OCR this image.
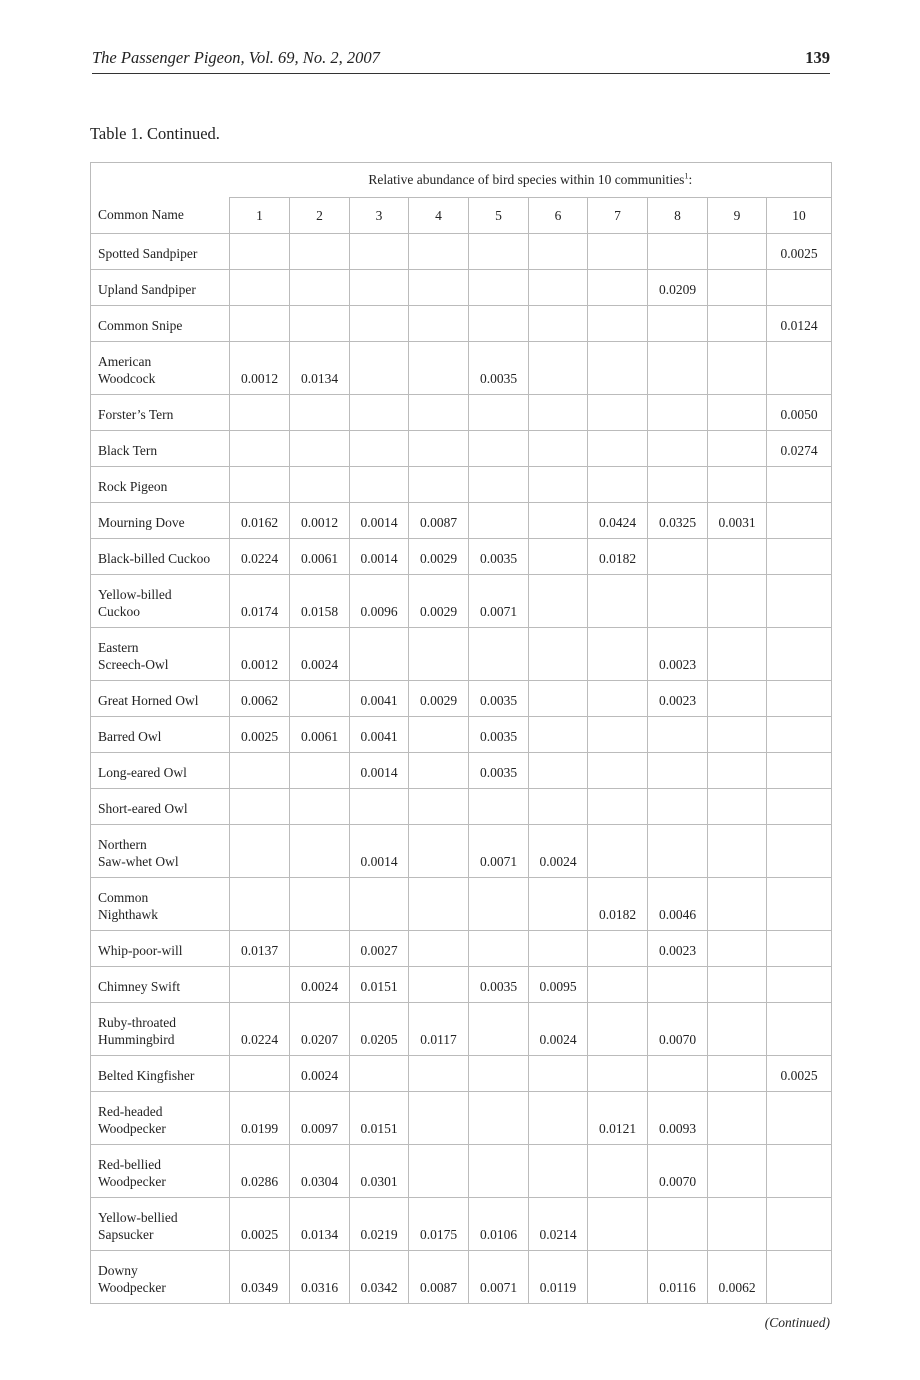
The Passenger Pigeon, Vol. 69, No. 2, 2007	139
Table 1. Continued.
	Relative abundance of bird species within 10 communities$^1$:									
Common Name	1	2	3	4	5	6	7	8	9	10
Spotted Sandpiper										0.0025
Upland Sandpiper								0.0209		
Common Snipe										0.0124

American
Woodcock	0.0012	0.0134			0.0035					
Forster’s Tern										0.0050
Black Tern										0.0274
Rock Pigeon										
Mourning Dove	0.0162	0.0012	0.0014	0.0087			0.0424	0.0325	0.0031	
Black-billed Cuckoo	0.0224	0.0061	0.0014	0.0029	0.0035		0.0182			

Yellow-billed
Cuckoo	0.0174	0.0158	0.0096	0.0029	0.0071					

Eastern
Screech-Owl	0.0012	0.0024						0.0023		
Great Horned Owl	0.0062		0.0041	0.0029	0.0035			0.0023		
Barred Owl	0.0025	0.0061	0.0041		0.0035					
Long-eared Owl			0.0014		0.0035					
Short-eared Owl										

Northern
Saw-whet Owl			0.0014		0.0071	0.0024				

Common
Nighthawk							0.0182	0.0046		
Whip-poor-will	0.0137		0.0027					0.0023		
Chimney Swift		0.0024	0.0151		0.0035	0.0095				

Ruby-throated
Hummingbird	0.0224	0.0207	0.0205	0.0117		0.0024		0.0070		
Belted Kingfisher		0.0024								0.0025

Red-headed
Woodpecker	0.0199	0.0097	0.0151				0.0121	0.0093		

Red-bellied
Woodpecker	0.0286	0.0304	0.0301					0.0070		

Yellow-bellied
Sapsucker	0.0025	0.0134	0.0219	0.0175	0.0106	0.0214				

Downy
Woodpecker	0.0349	0.0316	0.0342	0.0087	0.0071	0.0119		0.0116	0.0062	
(Continued)
